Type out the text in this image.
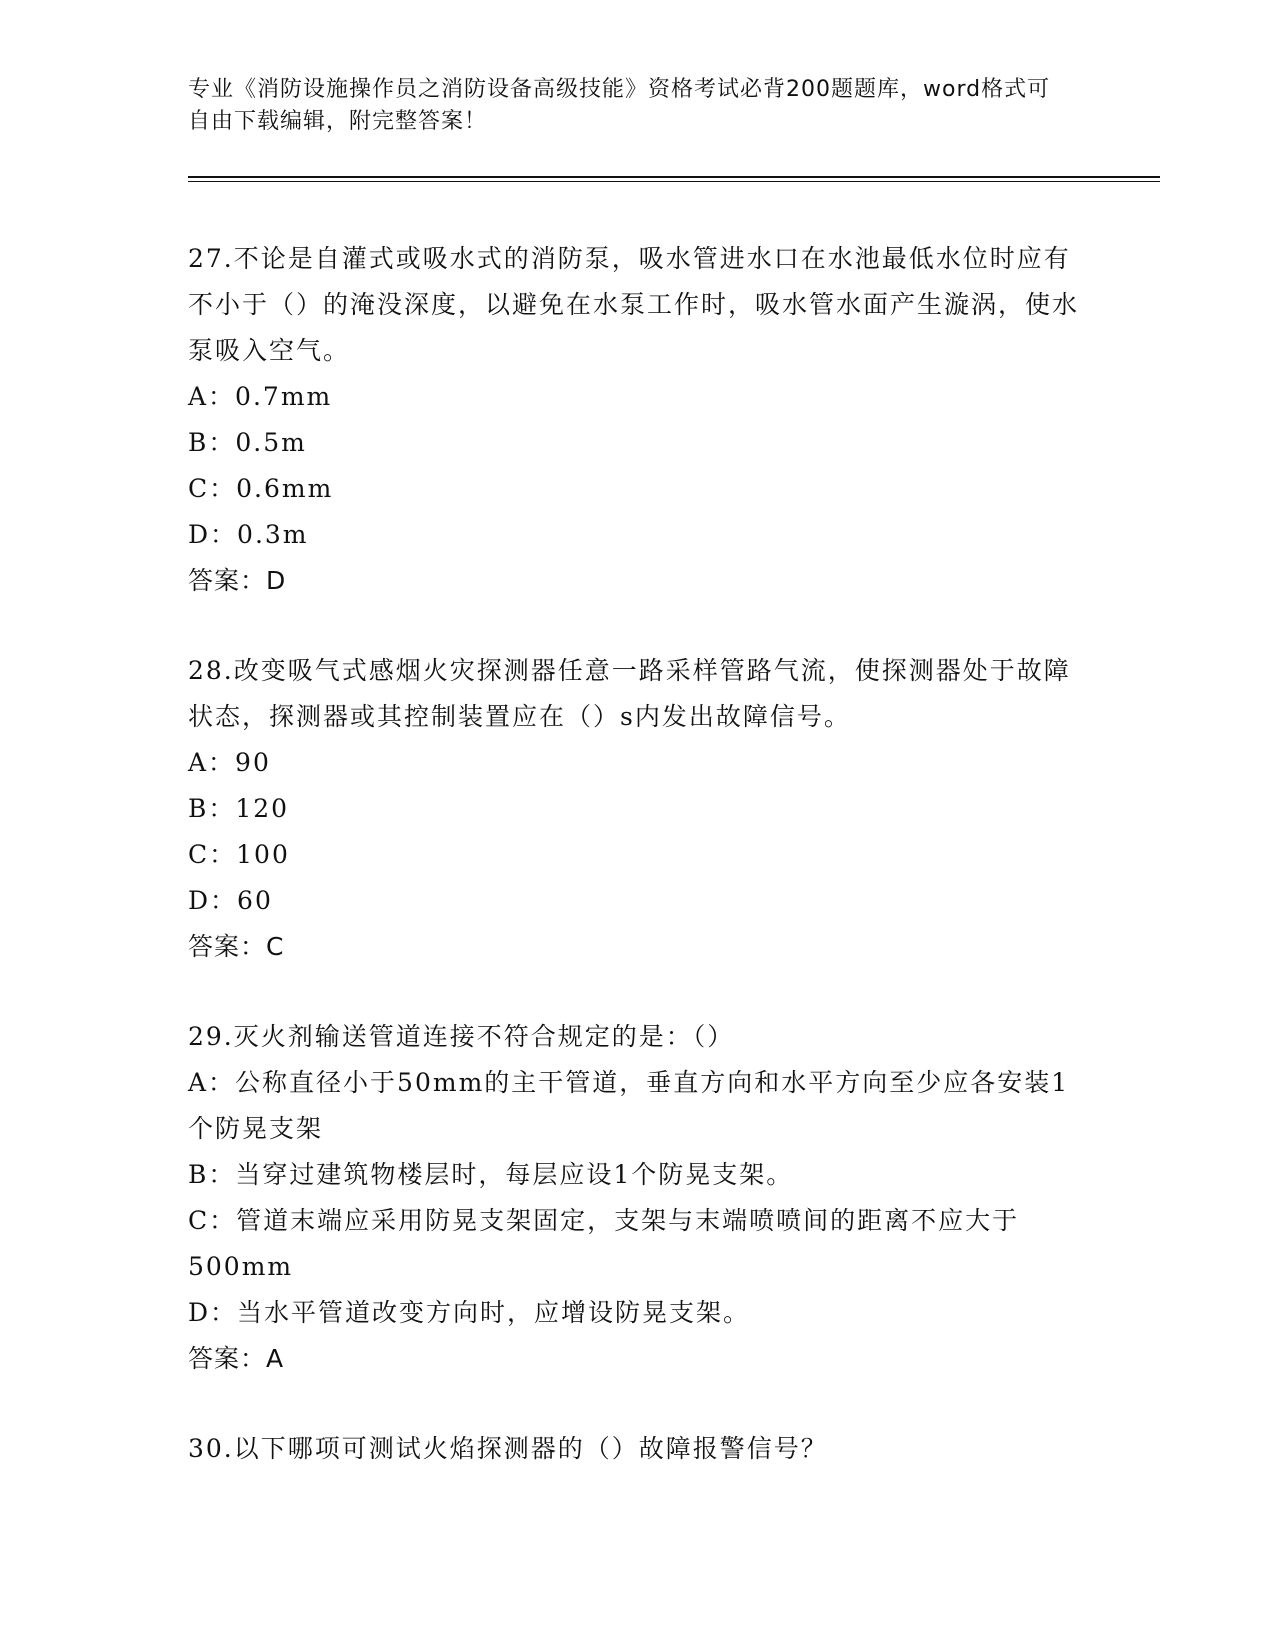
专业《消防设施操作员之消防设备高级技能》资格考试必背200题题库，word格式可自由下载编辑，附完整答案！

27.不论是自灌式或吸水式的消防泵，吸水管进水口在水池最低水位时应有不小于（）的淹没深度，以避免在水泵工作时，吸水管水面产生漩涡，使水泵吸入空气。

A：0.7mm

B：0.5m

C：0.6mm

D：0.3m

答案：D

28.改变吸气式感烟火灾探测器任意一路采样管路气流，使探测器处于故障状态，探测器或其控制装置应在（）s内发出故障信号。

A：90

B：120

C：100

D：60

答案：C

29.灭火剂输送管道连接不符合规定的是：（）

A：公称直径小于50mm的主干管道，垂直方向和水平方向至少应各安装1个防晃支架

B：当穿过建筑物楼层时，每层应设1个防晃支架。

C：管道末端应采用防晃支架固定，支架与末端喷喷间的距离不应大于500mm

D：当水平管道改变方向时，应增设防晃支架。

答案：A

30.以下哪项可测试火焰探测器的（）故障报警信号？
